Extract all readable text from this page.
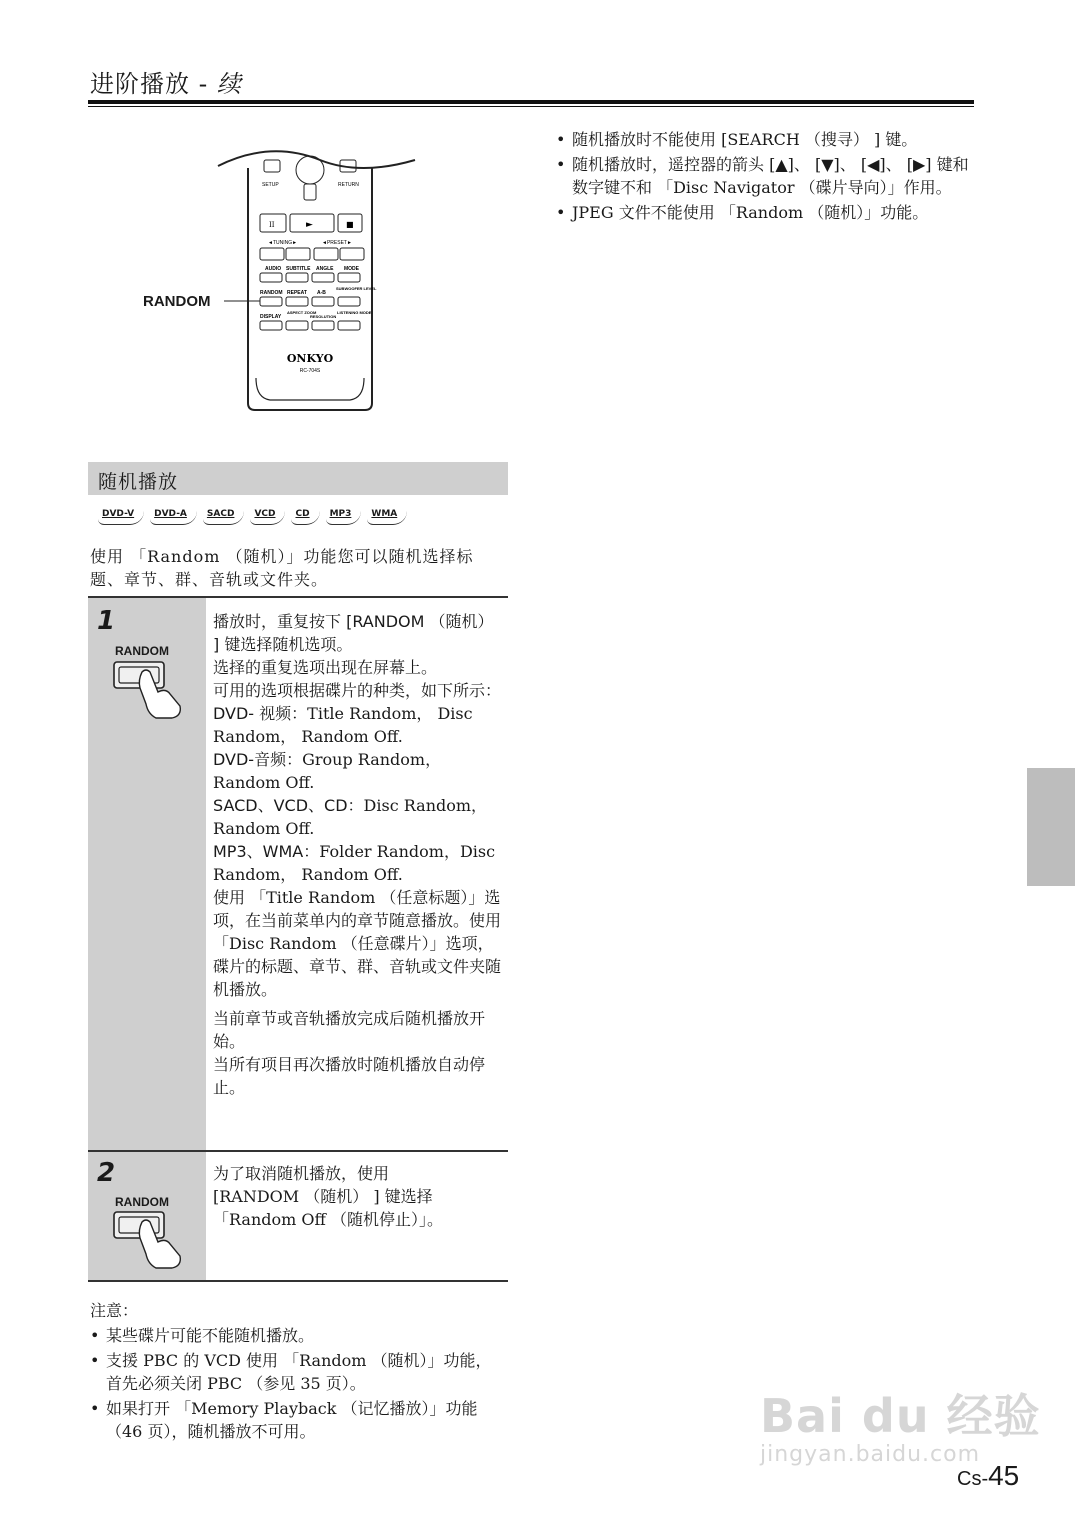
进阶播放 - 续
• 随机播放时不能使用 [SEARCH （搜寻） ] 键。
• 随机播放时，遥控器的箭头 [▲]、 [▼]、 [◀]、 [▶] 键和数字键不和 「Disc Navigator （碟片导向）」作用。
• JPEG 文件不能使用 「Random （随机）」功能。
SETUP	RETURN
II	►	■
◄TUNING►	◄PRESET►
AUDIO SUBTITLE ANGLE MODE
RANDOM REPEAT A-B
SUBWOOFER LEVEL
DISPLAY
ASPECT ZOOM
RESOLUTION
LISTENING MODE
ONKYO
RC-704S
RANDOM
随机播放
DVD-V	DVD-A	SACD	VCD	CD	MP3	WMA
使用 「Random （随机）」功能您可以随机选择标题、章节、群、音轨或文件夹。
1
RANDOM

播放时，重复按下 [RANDOM （随机） ] 键选择随机选项。

选择的重复选项出现在屏幕上。

可用的选项根据碟片的种类，如下所示：

DVD- 视频：Title Random， Disc Random， Random Off.

DVD-音频：Group Random， Random Off.

SACD、VCD、CD：Disc Random， Random Off.

MP3、WMA：Folder Random，Disc Random， Random Off.

使用 「Title Random （任意标题）」选项，在当前菜单内的章节随意播放。使用 「Disc Random （任意碟片）」选项，碟片的标题、章节、群、音轨或文件夹随机播放。

当前章节或音轨播放完成后随机播放开始。

当所有项目再次播放时随机播放自动停止。

2
RANDOM
为了取消随机播放，使用 [RANDOM （随机） ] 键选择 「Random Off （随机停止）」。
注意：
• 某些碟片可能不能随机播放。
• 支援 PBC 的 VCD 使用 「Random （随机）」功能，首先必须关闭 PBC （参见 35 页）。
• 如果打开 「Memory Playback （记忆播放）」功能 （46 页），随机播放不可用。	Bai du 经验
jingyan.baidu.com
Cs-45
